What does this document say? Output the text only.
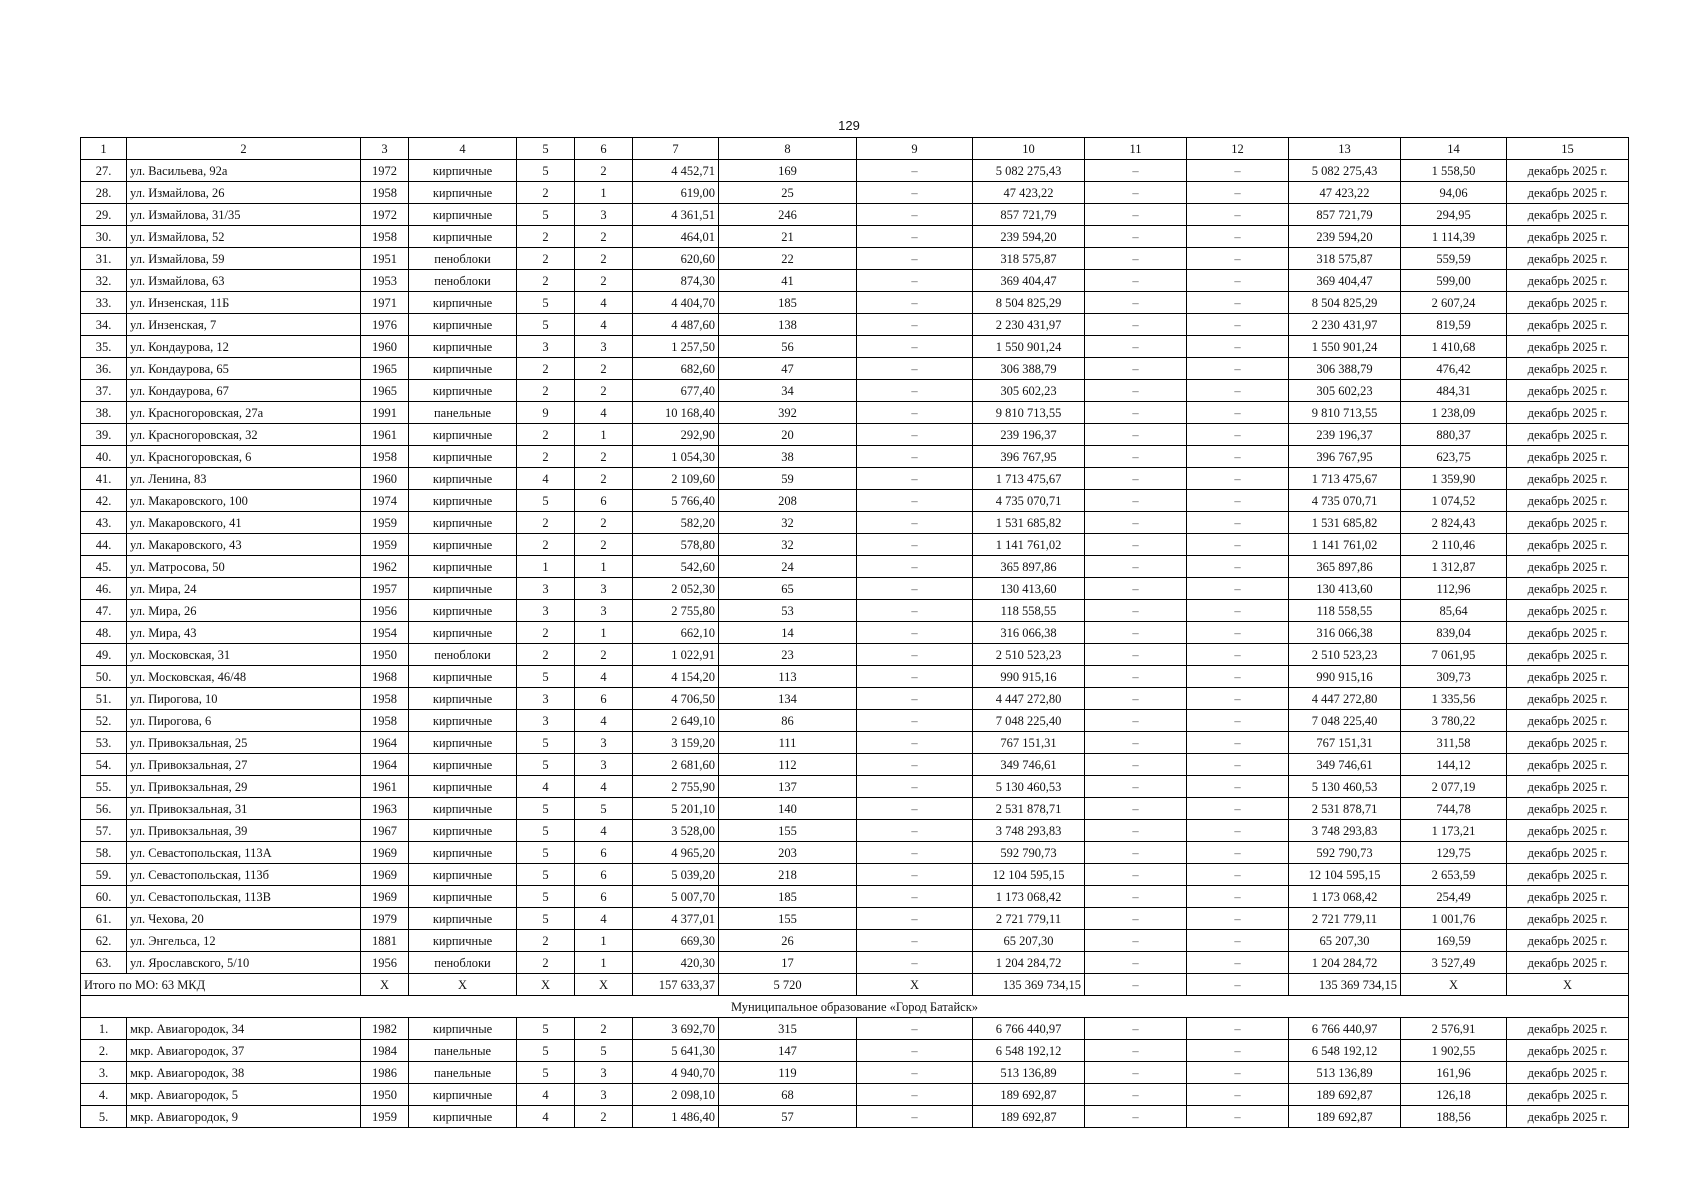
129
1	2	3	4	5	6	7	8	9	10	11	12	13	14	15
27.	ул. Васильева, 92а	1972	кирпичные	5	2	4 452,71	169	–	5 082 275,43	–	–	5 082 275,43	1 558,50	декабрь 2025 г.
28.	ул. Измайлова, 26	1958	кирпичные	2	1	619,00	25	–	47 423,22	–	–	47 423,22	94,06	декабрь 2025 г.
29.	ул. Измайлова, 31/35	1972	кирпичные	5	3	4 361,51	246	–	857 721,79	–	–	857 721,79	294,95	декабрь 2025 г.
30.	ул. Измайлова, 52	1958	кирпичные	2	2	464,01	21	–	239 594,20	–	–	239 594,20	1 114,39	декабрь 2025 г.
31.	ул. Измайлова, 59	1951	пеноблоки	2	2	620,60	22	–	318 575,87	–	–	318 575,87	559,59	декабрь 2025 г.
32.	ул. Измайлова, 63	1953	пеноблоки	2	2	874,30	41	–	369 404,47	–	–	369 404,47	599,00	декабрь 2025 г.
33.	ул. Инзенская, 11Б	1971	кирпичные	5	4	4 404,70	185	–	8 504 825,29	–	–	8 504 825,29	2 607,24	декабрь 2025 г.
34.	ул. Инзенская, 7	1976	кирпичные	5	4	4 487,60	138	–	2 230 431,97	–	–	2 230 431,97	819,59	декабрь 2025 г.
35.	ул. Кондаурова, 12	1960	кирпичные	3	3	1 257,50	56	–	1 550 901,24	–	–	1 550 901,24	1 410,68	декабрь 2025 г.
36.	ул. Кондаурова, 65	1965	кирпичные	2	2	682,60	47	–	306 388,79	–	–	306 388,79	476,42	декабрь 2025 г.
37.	ул. Кондаурова, 67	1965	кирпичные	2	2	677,40	34	–	305 602,23	–	–	305 602,23	484,31	декабрь 2025 г.
38.	ул. Красногоровская, 27а	1991	панельные	9	4	10 168,40	392	–	9 810 713,55	–	–	9 810 713,55	1 238,09	декабрь 2025 г.
39.	ул. Красногоровская, 32	1961	кирпичные	2	1	292,90	20	–	239 196,37	–	–	239 196,37	880,37	декабрь 2025 г.
40.	ул. Красногоровская, 6	1958	кирпичные	2	2	1 054,30	38	–	396 767,95	–	–	396 767,95	623,75	декабрь 2025 г.
41.	ул. Ленина, 83	1960	кирпичные	4	2	2 109,60	59	–	1 713 475,67	–	–	1 713 475,67	1 359,90	декабрь 2025 г.
42.	ул. Макаровского, 100	1974	кирпичные	5	6	5 766,40	208	–	4 735 070,71	–	–	4 735 070,71	1 074,52	декабрь 2025 г.
43.	ул. Макаровского, 41	1959	кирпичные	2	2	582,20	32	–	1 531 685,82	–	–	1 531 685,82	2 824,43	декабрь 2025 г.
44.	ул. Макаровского, 43	1959	кирпичные	2	2	578,80	32	–	1 141 761,02	–	–	1 141 761,02	2 110,46	декабрь 2025 г.
45.	ул. Матросова, 50	1962	кирпичные	1	1	542,60	24	–	365 897,86	–	–	365 897,86	1 312,87	декабрь 2025 г.
46.	ул. Мира, 24	1957	кирпичные	3	3	2 052,30	65	–	130 413,60	–	–	130 413,60	112,96	декабрь 2025 г.
47.	ул. Мира, 26	1956	кирпичные	3	3	2 755,80	53	–	118 558,55	–	–	118 558,55	85,64	декабрь 2025 г.
48.	ул. Мира, 43	1954	кирпичные	2	1	662,10	14	–	316 066,38	–	–	316 066,38	839,04	декабрь 2025 г.
49.	ул. Московская, 31	1950	пеноблоки	2	2	1 022,91	23	–	2 510 523,23	–	–	2 510 523,23	7 061,95	декабрь 2025 г.
50.	ул. Московская, 46/48	1968	кирпичные	5	4	4 154,20	113	–	990 915,16	–	–	990 915,16	309,73	декабрь 2025 г.
51.	ул. Пирогова, 10	1958	кирпичные	3	6	4 706,50	134	–	4 447 272,80	–	–	4 447 272,80	1 335,56	декабрь 2025 г.
52.	ул. Пирогова, 6	1958	кирпичные	3	4	2 649,10	86	–	7 048 225,40	–	–	7 048 225,40	3 780,22	декабрь 2025 г.
53.	ул. Привокзальная, 25	1964	кирпичные	5	3	3 159,20	111	–	767 151,31	–	–	767 151,31	311,58	декабрь 2025 г.
54.	ул. Привокзальная, 27	1964	кирпичные	5	3	2 681,60	112	–	349 746,61	–	–	349 746,61	144,12	декабрь 2025 г.
55.	ул. Привокзальная, 29	1961	кирпичные	4	4	2 755,90	137	–	5 130 460,53	–	–	5 130 460,53	2 077,19	декабрь 2025 г.
56.	ул. Привокзальная, 31	1963	кирпичные	5	5	5 201,10	140	–	2 531 878,71	–	–	2 531 878,71	744,78	декабрь 2025 г.
57.	ул. Привокзальная, 39	1967	кирпичные	5	4	3 528,00	155	–	3 748 293,83	–	–	3 748 293,83	1 173,21	декабрь 2025 г.
58.	ул. Севастопольская, 113А	1969	кирпичные	5	6	4 965,20	203	–	592 790,73	–	–	592 790,73	129,75	декабрь 2025 г.
59.	ул. Севастопольская, 113б	1969	кирпичные	5	6	5 039,20	218	–	12 104 595,15	–	–	12 104 595,15	2 653,59	декабрь 2025 г.
60.	ул. Севастопольская, 113В	1969	кирпичные	5	6	5 007,70	185	–	1 173 068,42	–	–	1 173 068,42	254,49	декабрь 2025 г.
61.	ул. Чехова, 20	1979	кирпичные	5	4	4 377,01	155	–	2 721 779,11	–	–	2 721 779,11	1 001,76	декабрь 2025 г.
62.	ул. Энгельса, 12	1881	кирпичные	2	1	669,30	26	–	65 207,30	–	–	65 207,30	169,59	декабрь 2025 г.
63.	ул. Ярославского, 5/10	1956	пеноблоки	2	1	420,30	17	–	1 204 284,72	–	–	1 204 284,72	3 527,49	декабрь 2025 г.
Итого по МО: 63 МКД		X	X	X	X	157 633,37	5 720	X	135 369 734,15	–	–	135 369 734,15	X	X
Муниципальное образование «Город Батайск»														
1.	мкр. Авиагородок, 34	1982	кирпичные	5	2	3 692,70	315	–	6 766 440,97	–	–	6 766 440,97	2 576,91	декабрь 2025 г.
2.	мкр. Авиагородок, 37	1984	панельные	5	5	5 641,30	147	–	6 548 192,12	–	–	6 548 192,12	1 902,55	декабрь 2025 г.
3.	мкр. Авиагородок, 38	1986	панельные	5	3	4 940,70	119	–	513 136,89	–	–	513 136,89	161,96	декабрь 2025 г.
4.	мкр. Авиагородок, 5	1950	кирпичные	4	3	2 098,10	68	–	189 692,87	–	–	189 692,87	126,18	декабрь 2025 г.
5.	мкр. Авиагородок, 9	1959	кирпичные	4	2	1 486,40	57	–	189 692,87	–	–	189 692,87	188,56	декабрь 2025 г.
